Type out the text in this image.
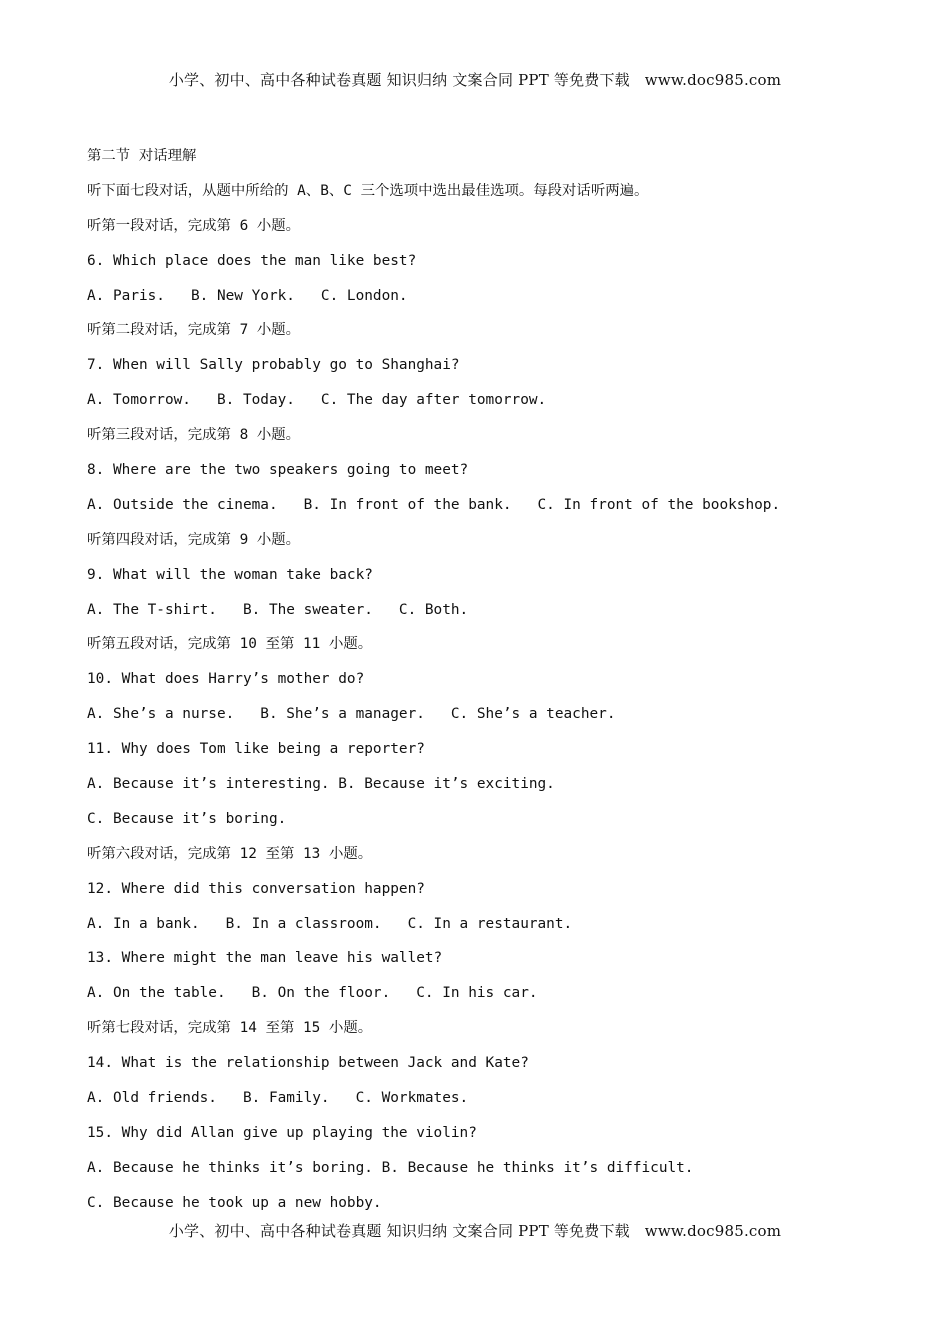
小学、初中、高中各种试卷真题 知识归纳 文案合同 PPT 等免费下载   www.doc985.com
第二节 对话理解
听下面七段对话，从题中所给的 A、B、C 三个选项中选出最佳选项。每段对话听两遍。
听第一段对话，完成第 6 小题。
6. Which place does the man like best?
A. Paris.   B. New York.   C. London.
听第二段对话，完成第 7 小题。
7. When will Sally probably go to Shanghai?
A. Tomorrow.   B. Today.   C. The day after tomorrow.
听第三段对话，完成第 8 小题。
8. Where are the two speakers going to meet?
A. Outside the cinema.   B. In front of the bank.   C. In front of the bookshop.
听第四段对话，完成第 9 小题。
9. What will the woman take back?
A. The T-shirt.   B. The sweater.   C. Both.
听第五段对话，完成第 10 至第 11 小题。
10. What does Harry’s mother do?
A. She’s a nurse.   B. She’s a manager.   C. She’s a teacher.
11. Why does Tom like being a reporter?
A. Because it’s interesting. B. Because it’s exciting.
C. Because it’s boring.
听第六段对话，完成第 12 至第 13 小题。
12. Where did this conversation happen?
A. In a bank.   B. In a classroom.   C. In a restaurant.
13. Where might the man leave his wallet?
A. On the table.   B. On the floor.   C. In his car.
听第七段对话，完成第 14 至第 15 小题。
14. What is the relationship between Jack and Kate?
A. Old friends.   B. Family.   C. Workmates.
15. Why did Allan give up playing the violin?
A. Because he thinks it’s boring. B. Because he thinks it’s difficult.
C. Because he took up a new hobby.
小学、初中、高中各种试卷真题 知识归纳 文案合同 PPT 等免费下载   www.doc985.com
